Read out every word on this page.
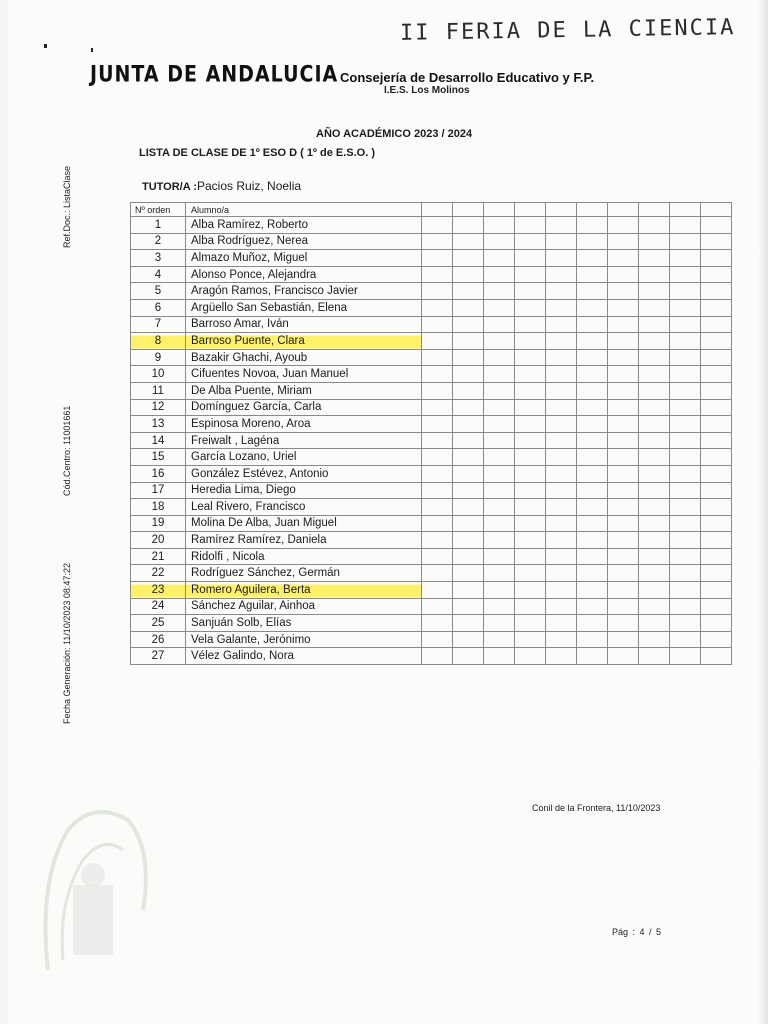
II FERIA DE LA CIENCIA
JUNTA DE ANDALUCIA Consejería de Desarrollo Educativo y F.P.
I.E.S. Los Molinos
AÑO ACADÉMICO 2023 / 2024
LISTA DE CLASE DE 1º ESO D ( 1º de E.S.O. )
TUTOR/A :Pacios Ruiz, Noelia
Ref.Doc.: ListaClase
Cód.Centro: 11001661
Fecha Generación: 11/10/2023 08:47:22
Nº orden	Alumno/a										
1	Alba Ramírez, Roberto										
2	Alba Rodríguez, Nerea										
3	Almazo Muñoz, Miguel										
4	Alonso Ponce, Alejandra										
5	Aragón Ramos, Francisco Javier										
6	Argüello San Sebastián, Elena										
7	Barroso Amar, Iván										
8	Barroso Puente, Clara										
9	Bazakir Ghachi, Ayoub										
10	Cifuentes Novoa, Juan Manuel										
11	De Alba Puente, Miriam										
12	Domínguez García, Carla										
13	Espinosa Moreno, Aroa										
14	Freiwalt , Lagéna										
15	García Lozano, Uriel										
16	González Estévez, Antonio										
17	Heredia Lima, Diego										
18	Leal Rivero, Francisco										
19	Molina De Alba, Juan Miguel										
20	Ramírez Ramírez, Daniela										
21	Ridolfi , Nicola										
22	Rodríguez Sánchez, Germán										
23	Romero Aguilera, Berta										
24	Sánchez Aguilar, Ainhoa										
25	Sanjuán Solb, Elías										
26	Vela Galante, Jerónimo										
27	Vélez Galindo, Nora										
Conil de la Frontera, 11/10/2023
Pág : 4 / 5
